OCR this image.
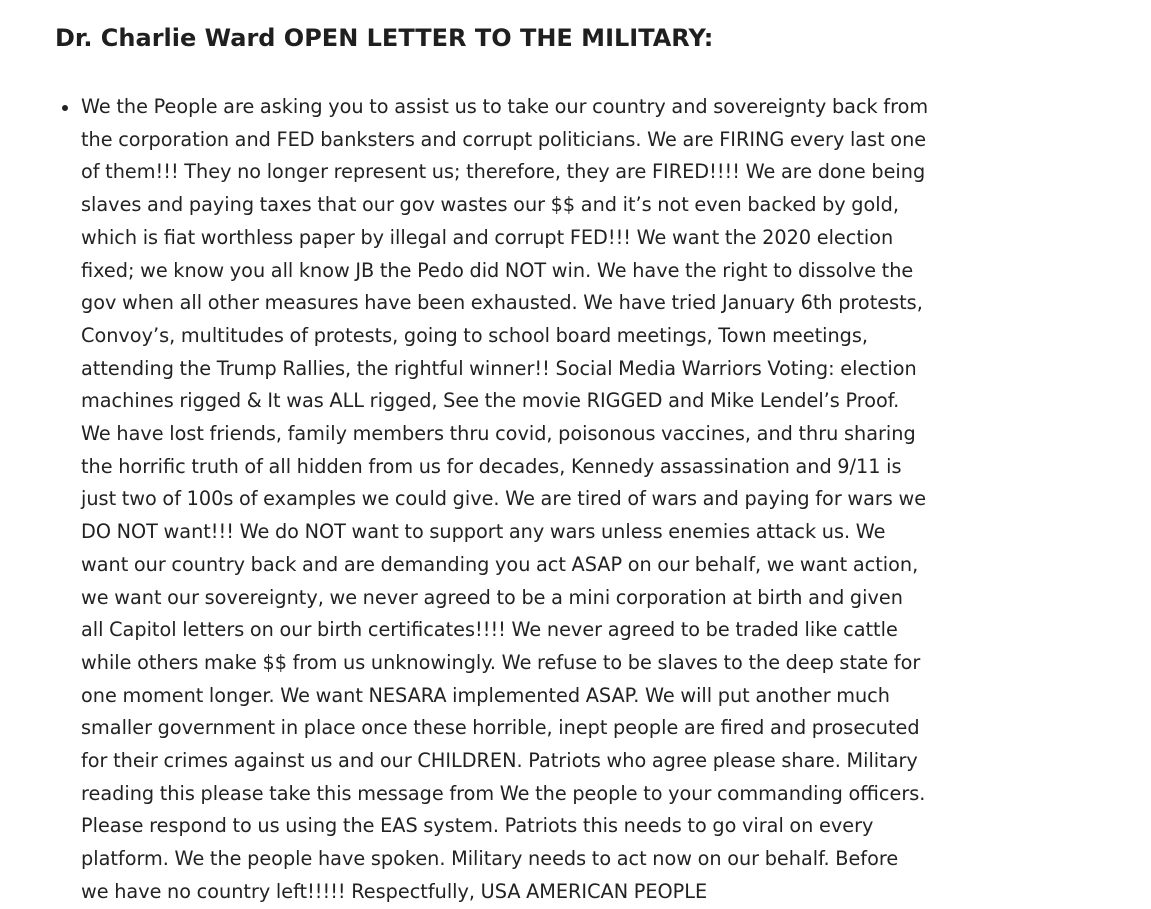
Dr. Charlie Ward OPEN LETTER TO THE MILITARY:
We the People are asking you to assist us to take our country and sovereignty back from the corporation and FED banksters and corrupt politicians. We are FIRING every last one of them!!! They no longer represent us; therefore, they are FIRED!!!! We are done being slaves and paying taxes that our gov wastes our $$ and it’s not even backed by gold, which is fiat worthless paper by illegal and corrupt FED!!! We want the 2020 election fixed; we know you all know JB the Pedo did NOT win. We have the right to dissolve the gov when all other measures have been exhausted. We have tried January 6th protests, Convoy’s, multitudes of protests, going to school board meetings, Town meetings, attending the Trump Rallies, the rightful winner!! Social Media Warriors Voting: election machines rigged & It was ALL rigged, See the movie RIGGED and Mike Lendel’s Proof. We have lost friends, family members thru covid, poisonous vaccines, and thru sharing the horrific truth of all hidden from us for decades, Kennedy assassination and 9/11 is just two of 100s of examples we could give. We are tired of wars and paying for wars we DO NOT want!!! We do NOT want to support any wars unless enemies attack us. We want our country back and are demanding you act ASAP on our behalf, we want action, we want our sovereignty, we never agreed to be a mini corporation at birth and given all Capitol letters on our birth certificates!!!! We never agreed to be traded like cattle while others make $$ from us unknowingly. We refuse to be slaves to the deep state for one moment longer. We want NESARA implemented ASAP. We will put another much smaller government in place once these horrible, inept people are fired and prosecuted for their crimes against us and our CHILDREN. Patriots who agree please share. Military reading this please take this message from We the people to your commanding officers. Please respond to us using the EAS system. Patriots this needs to go viral on every platform. We the people have spoken. Military needs to act now on our behalf. Before we have no country left!!!!! Respectfully, USA AMERICAN PEOPLE
